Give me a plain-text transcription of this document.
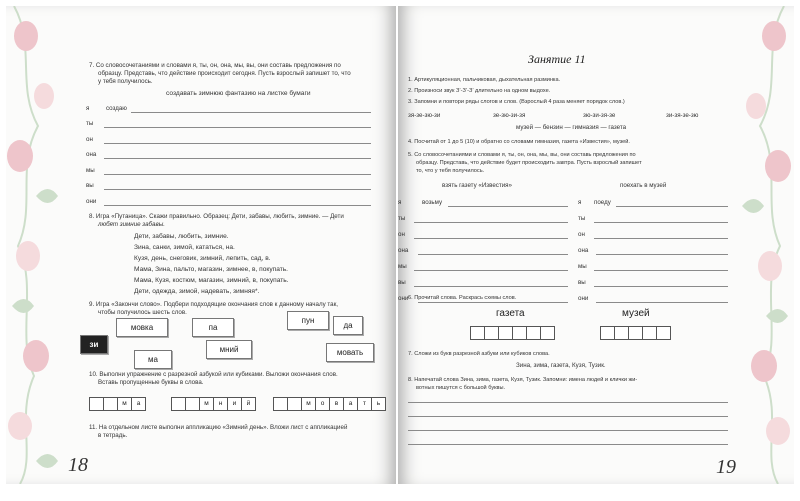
7. Со словосочетаниями и словами я, ты, он, она, мы, вы, они составь предложения по
образцу. Представь, что действие происходит сегодня. Пусть взрослый запишет то, что
у тебя получилось.
создавать зимнюю фантазию на листке бумаги
я	создаю
ты
он
она
мы
вы
они
8. Игра «Путаница». Скажи правильно. Образец: Дети, забавы, любить, зимние. — Дети
любят зимние забавы.
Дети, забавы, любить, зимние.
Зина, санки, зимой, кататься, на.
Кузя, день, снеговик, зимний, лепить, сад, в.
Мама, Зина, пальто, магазин, зимнее, в, покупать.
Мама, Кузя, костюм, магазин, зимний, в, покупать.
Дети, одежда, зимой, надевать, зимняя*.
9. Игра «Закончи слово». Подбери подходящие окончания слов к данному началу так,
чтобы получилось шесть слов.
мовка	па
пун
да
зи
ма
мний	мовать
10. Выполни упражнение с разрезной азбукой или кубиками. Выложи окончания слов.
Вставь пропущенные буквы в слова.
м	а	м	н	и	й	м	о	в	а	т	ь
11. На отдельном листе выполни аппликацию «Зимний день». Вложи лист с аппликацией
в тетрадь.
18
Занятие 11
1. Артикуляционная, пальчиковая, дыхательная разминка.
2. Произноси звук З’-З’-З’ длительно на одном выдохе.
3. Запомни и повтори ряды слогов и слов. (Взрослый 4 раза меняет порядок слов.)
зя-зе-зю-зи	зе-зю-зи-зя	зю-зи-зя-зе	зи-зя-зе-зю
музей — бензин — гимназия — газета
4. Посчитай от 1 до 5 (10) и обратно со словами гимназия, газета «Известия», музей.
5. Со словосочетаниями и словами я, ты, он, она, мы, вы, они составь предложения по
образцу. Представь, что действие будет происходить завтра. Пусть взрослый запишет
то, что у тебя получилось.
взять газету «Известия»	поехать в музей
я	возьму	я поеду
ты	ты
он	он
она	она
мы	мы
вы	вы
они	они
6. Прочитай слова. Раскрась схемы слов.
газета	музей
7. Сложи из букв разрезной азбуки или кубиков слова.
Зина, зима, газета, Кузя, Тузик.
8. Напечатай слова Зина, зима, газета, Кузя, Тузик. Запомни: имена людей и клички жи-
вотных пишутся с большой буквы.
19
